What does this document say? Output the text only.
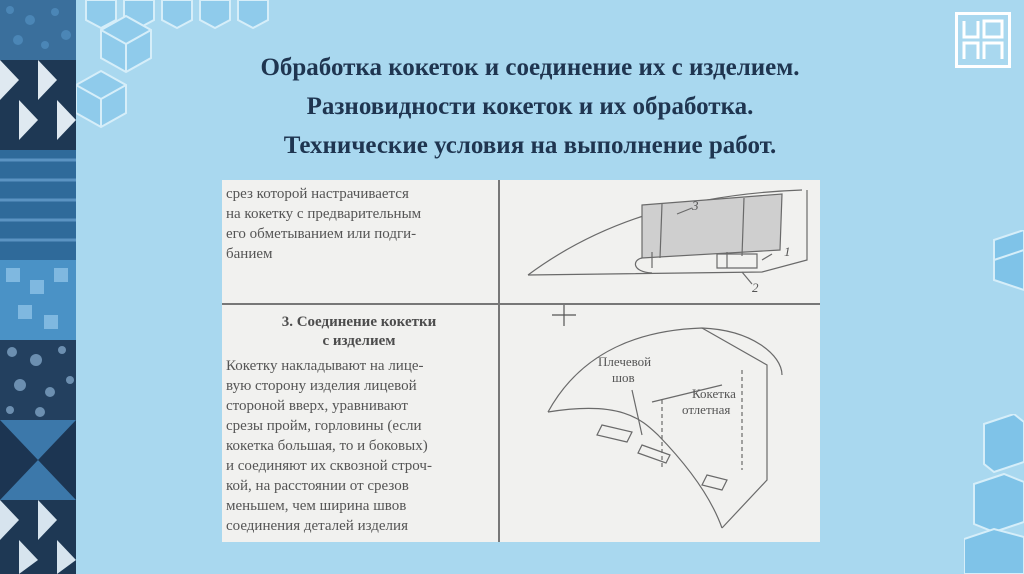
Обработка кокеток и соединение их с изделием.
Разновидности кокеток и их обработка.
Технические условия на выполнение работ.
срез которой настрачивается
на кокетку с предварительным
его обметыванием или подги-
банием
3. Соединение кокетки
с изделием
Кокетку накладывают на лице-
вую сторону изделия лицевой
стороной вверх, уравнивают
срезы пройм, горловины (если
кокетка большая, то и боковых)
и соединяют их сквозной строч-
кой, на расстоянии от срезов
меньшем, чем ширина швов
соединения деталей изделия
3
1
2
Плечевой
шов
Кокетка
отлетная
